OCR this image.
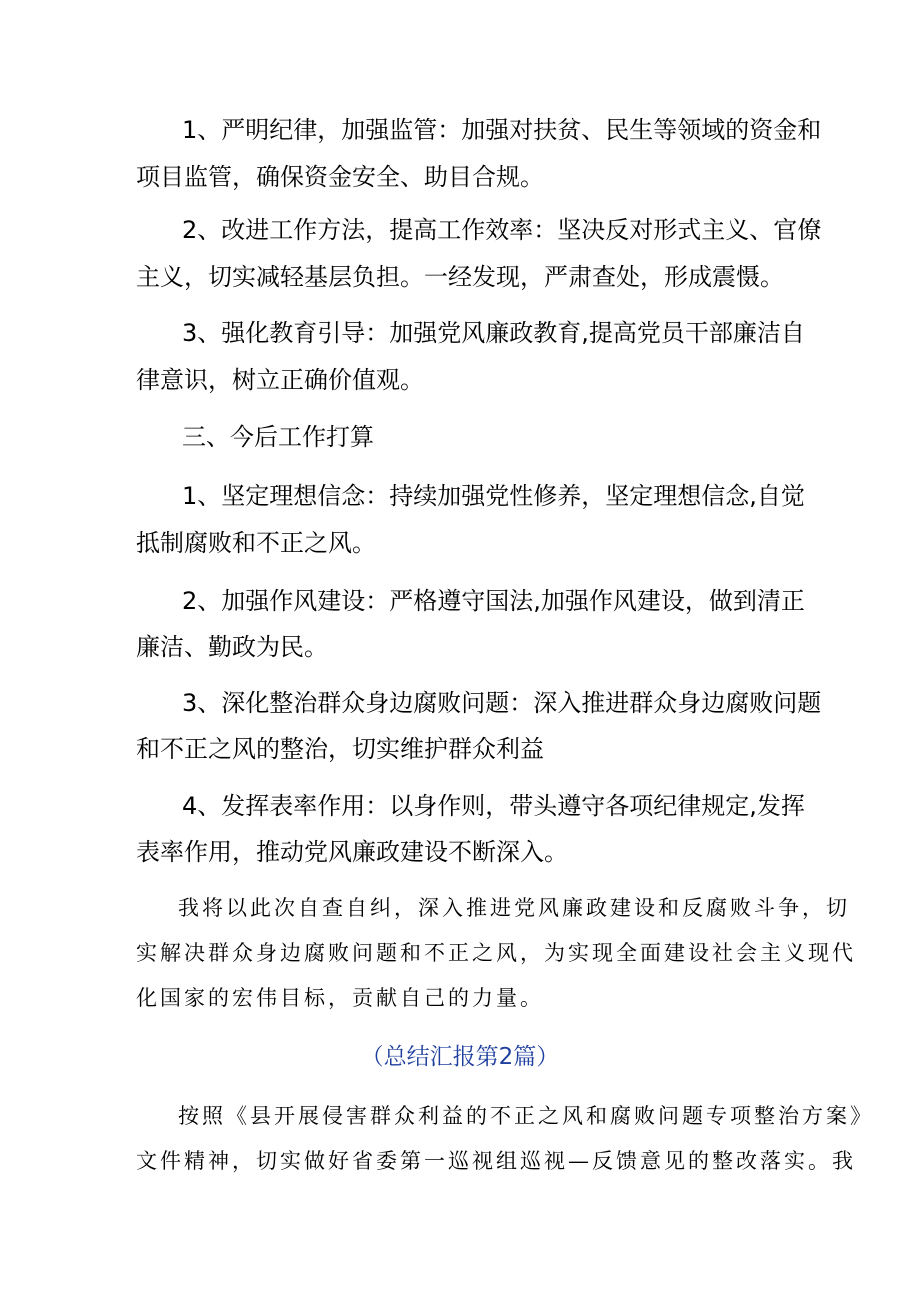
1、严明纪律，加强监管：加强对扶贫、民生等领域的资金和
项目监管，确保资金安全、助目合规。
2、改进工作方法，提高工作效率：坚决反对形式主义、官僚
主义，切实减轻基层负担。一经发现，严肃查处，形成震慑。
3、强化教育引导：加强党风廉政教育,提高党员干部廉洁自
律意识，树立正确价值观。
三、今后工作打算
1、坚定理想信念：持续加强党性修养，坚定理想信念,自觉
抵制腐败和不正之风。
2、加强作风建设：严格遵守国法,加强作风建设，做到清正
廉洁、勤政为民。
3、深化整治群众身边腐败问题：深入推进群众身边腐败问题
和不正之风的整治，切实维护群众利益
4、发挥表率作用：以身作则，带头遵守各项纪律规定,发挥
表率作用，推动党风廉政建设不断深入。
我将以此次自查自纠，深入推进党风廉政建设和反腐败斗争，切
实解决群众身边腐败问题和不正之风，为实现全面建设社会主义现代
化国家的宏伟目标，贡献自己的力量。
（总结汇报第2篇）
按照《县开展侵害群众利益的不正之风和腐败问题专项整治方案》
文件精神，切实做好省委第一巡视组巡视—反馈意见的整改落实。我
